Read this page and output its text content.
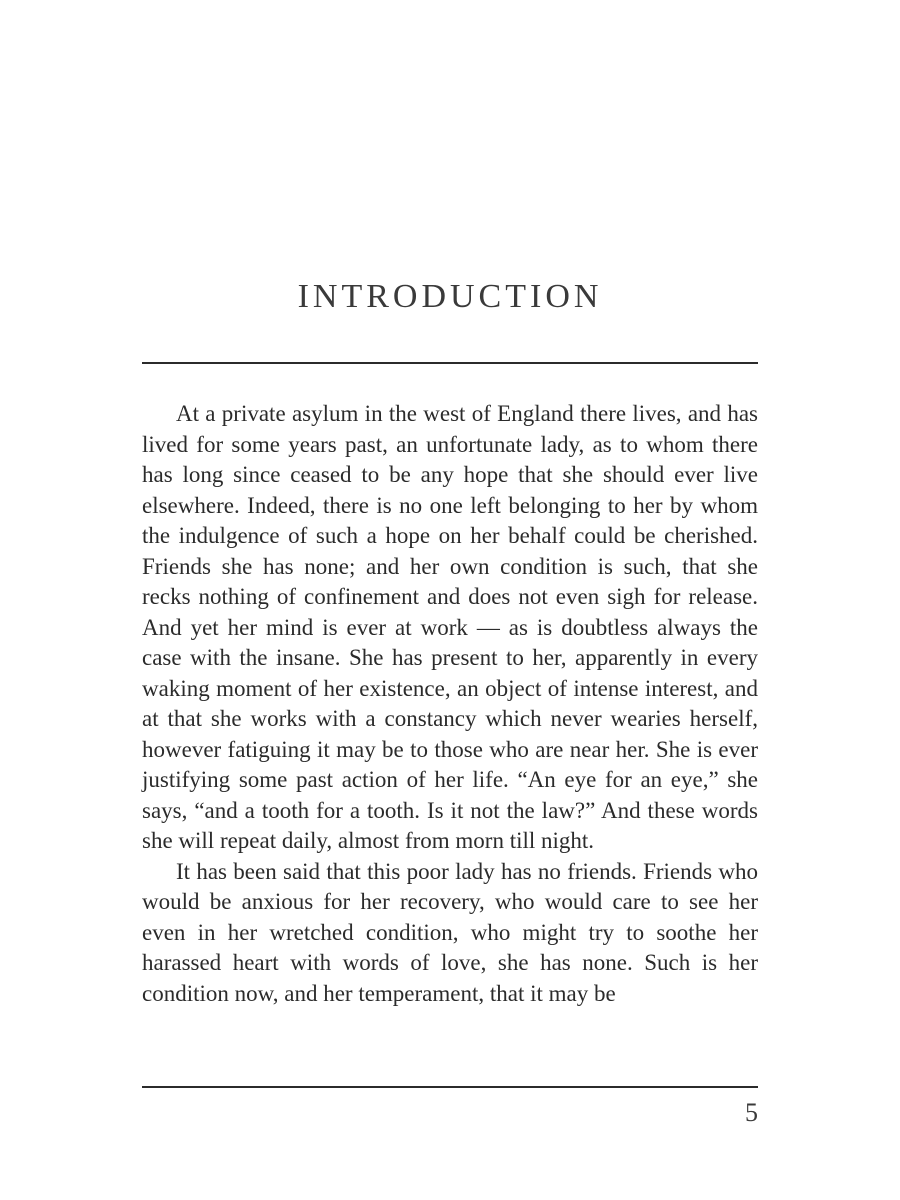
INTRODUCTION

At a private asylum in the west of England there lives, and has lived for some years past, an unfortunate lady, as to whom there has long since ceased to be any hope that she should ever live elsewhere. Indeed, there is no one left belonging to her by whom the indulgence of such a hope on her behalf could be cherished. Friends she has none; and her own condition is such, that she recks nothing of confinement and does not even sigh for release. And yet her mind is ever at work — as is doubtless always the case with the insane. She has present to her, apparently in every waking moment of her existence, an object of intense interest, and at that she works with a constancy which never wearies herself, however fatiguing it may be to those who are near her. She is ever justifying some past action of her life. “An eye for an eye,” she says, “and a tooth for a tooth. Is it not the law?” And these words she will repeat daily, almost from morn till night.

It has been said that this poor lady has no friends. Friends who would be anxious for her recovery, who would care to see her even in her wretched condition, who might try to soothe her harassed heart with words of love, she has none. Such is her condition now, and her temperament, that it may be

5
